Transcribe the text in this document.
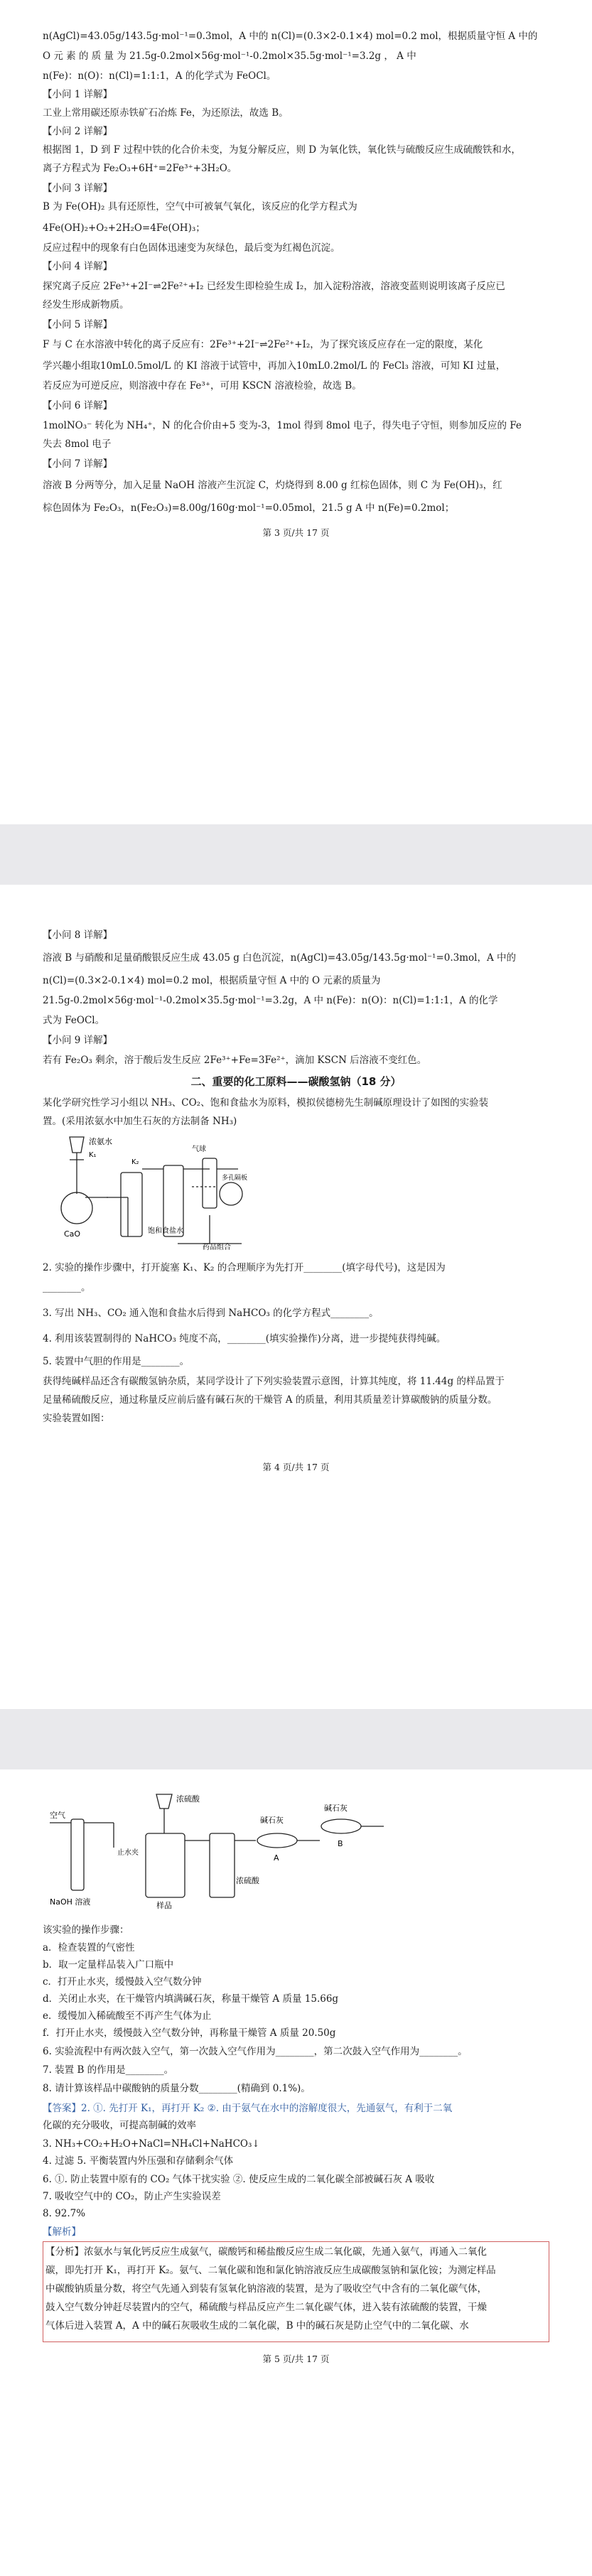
n(AgCl)=43.05g/143.5g·mol⁻¹=0.3mol，A 中的 n(Cl)=(0.3×2-0.1×4) mol=0.2 mol，根据质量守恒 A 中的
O 元 素 的 质 量 为 21.5g-0.2mol×56g·mol⁻¹-0.2mol×35.5g·mol⁻¹=3.2g ， A 中
n(Fe)：n(O)：n(Cl)=1:1:1，A 的化学式为 FeOCl。
【小问 1 详解】
工业上常用碳还原赤铁矿石冶炼 Fe，为还原法，故选 B。
【小问 2 详解】
根据图 1，D 到 F 过程中铁的化合价未变，为复分解反应，则 D 为氧化铁，氧化铁与硫酸反应生成硫酸铁和水，
离子方程式为 Fe₂O₃+6H⁺=2Fe³⁺+3H₂O。
【小问 3 详解】
B 为 Fe(OH)₂ 具有还原性，空气中可被氧气氧化，该反应的化学方程式为
4Fe(OH)₂+O₂+2H₂O=4Fe(OH)₃；
反应过程中的现象有白色固体迅速变为灰绿色，最后变为红褐色沉淀。
【小问 4 详解】
探究离子反应 2Fe³⁺+2I⁻⇌2Fe²⁺+I₂ 已经发生即检验生成 I₂，加入淀粉溶液，溶液变蓝则说明该离子反应已
经发生形成新物质。
【小问 5 详解】
F 与 C 在水溶液中转化的离子反应有：2Fe³⁺+2I⁻⇌2Fe²⁺+I₂，为了探究该反应存在一定的限度，某化
学兴趣小组取10mL0.5mol/L 的 KI 溶液于试管中，再加入10mL0.2mol/L 的 FeCl₃ 溶液，可知 KI 过量，
若反应为可逆反应，则溶液中存在 Fe³⁺，可用 KSCN 溶液检验，故选 B。
【小问 6 详解】
1molNO₃⁻ 转化为 NH₄⁺，N 的化合价由+5 变为-3，1mol 得到 8mol 电子，得失电子守恒，则参加反应的 Fe
失去 8mol 电子
【小问 7 详解】
溶液 B 分两等分，加入足量 NaOH 溶液产生沉淀 C，灼烧得到 8.00 g 红棕色固体，则 C 为 Fe(OH)₃，红
棕色固体为 Fe₂O₃，n(Fe₂O₃)=8.00g/160g·mol⁻¹=0.05mol，21.5 g A 中 n(Fe)=0.2mol；
第 3 页/共 17 页
【小问 8 详解】
溶液 B 与硝酸和足量硝酸银反应生成 43.05 g 白色沉淀，n(AgCl)=43.05g/143.5g·mol⁻¹=0.3mol，A 中的
n(Cl)=(0.3×2-0.1×4) mol=0.2 mol，根据质量守恒 A 中的 O 元素的质量为
21.5g-0.2mol×56g·mol⁻¹-0.2mol×35.5g·mol⁻¹=3.2g，A 中 n(Fe)：n(O)：n(Cl)=1:1:1，A 的化学
式为 FeOCl。
【小问 9 详解】
若有 Fe₂O₃ 剩余，溶于酸后发生反应 2Fe³⁺+Fe=3Fe²⁺，滴加 KSCN 后溶液不变红色。
二、重要的化工原料——碳酸氢钠（18 分）
某化学研究性学习小组以 NH₃、CO₂、饱和食盐水为原料，模拟侯德榜先生制碱原理设计了如图的实验装
置。(采用浓氨水中加生石灰的方法制备 NH₃)
浓氨水
K₁
K₂
气球
多孔隔板
CaO	饱和食盐水
药品组合
2. 实验的操作步骤中，打开旋塞 K₁、K₂ 的合理顺序为先打开________(填字母代号)，这是因为
________。
3. 写出 NH₃、CO₂ 通入饱和食盐水后得到 NaHCO₃ 的化学方程式________。
4. 利用该装置制得的 NaHCO₃ 纯度不高，________(填实验操作)分离，进一步提纯获得纯碱。
5. 装置中气胆的作用是________。
获得纯碱样品还含有碳酸氢钠杂质，某同学设计了下列实验装置示意图，计算其纯度，将 11.44g 的样品置于
足量稀硫酸反应，通过称量反应前后盛有碱石灰的干燥管 A 的质量，利用其质量差计算碳酸钠的质量分数。
实验装置如图：
第 4 页/共 17 页
浓硫酸
碱石灰
碱石灰
A
B
空气
止水夹
NaOH 溶液	样品
浓硫酸
该实验的操作步骤：
a．检查装置的气密性
b．取一定量样品装入广口瓶中
c．打开止水夹，缓慢鼓入空气数分钟
d．关闭止水夹，在干燥管内填满碱石灰，称量干燥管 A 质量 15.66g
e．缓慢加入稀硫酸至不再产生气体为止
f．打开止水夹，缓慢鼓入空气数分钟，再称量干燥管 A 质量 20.50g
6. 实验流程中有两次鼓入空气，第一次鼓入空气作用为________，第二次鼓入空气作用为________。
7. 装置 B 的作用是________。
8. 请计算该样品中碳酸钠的质量分数________(精确到 0.1%)。
【答案】2. ①. 先打开 K₁，再打开 K₂ ②. 由于氨气在水中的溶解度很大，先通氨气，有利于二氧
化碳的充分吸收，可提高制碱的效率
3. NH₃+CO₂+H₂O+NaCl=NH₄Cl+NaHCO₃↓
4. 过滤 5. 平衡装置内外压强和存储剩余气体
6. ①. 防止装置中原有的 CO₂ 气体干扰实验 ②. 使反应生成的二氧化碳全部被碱石灰 A 吸收
7. 吸收空气中的 CO₂，防止产生实验误差
8. 92.7%
【解析】
【分析】浓氨水与氧化钙反应生成氨气，碳酸钙和稀盐酸反应生成二氧化碳，先通入氨气，再通入二氧化
碳，即先打开 K₁，再打开 K₂。氨气、二氧化碳和饱和氯化钠溶液反应生成碳酸氢钠和氯化铵；为测定样品
中碳酸钠质量分数，将空气先通入到装有氢氧化钠溶液的装置，是为了吸收空气中含有的二氧化碳气体，
鼓入空气数分钟赶尽装置内的空气，稀硫酸与样品反应产生二氧化碳气体，进入装有浓硫酸的装置，干燥
气体后进入装置 A，A 中的碱石灰吸收生成的二氧化碳，B 中的碱石灰是防止空气中的二氧化碳、水
第 5 页/共 17 页
